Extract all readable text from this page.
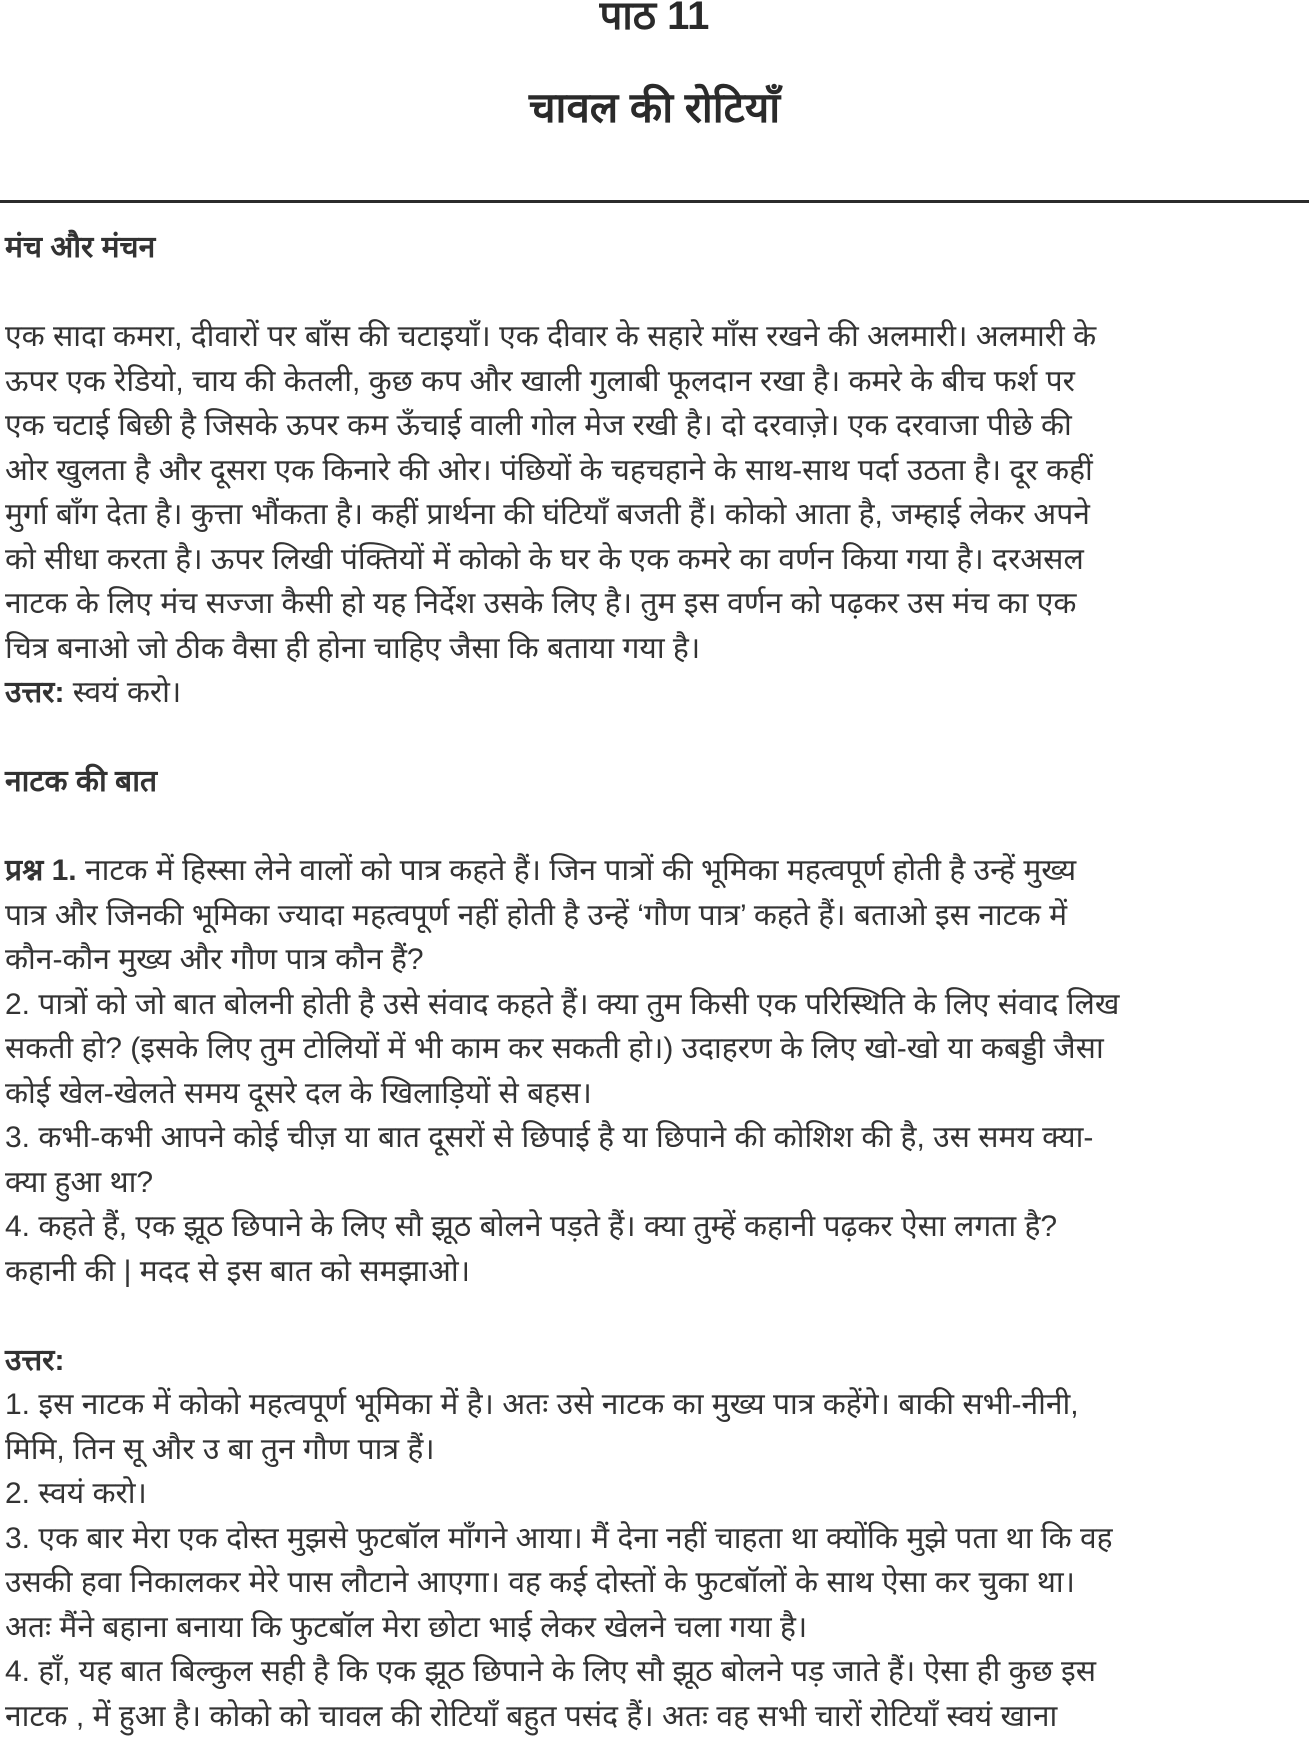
पाठ 11
चावल की रोटियाँ
मंच और मंचन
एक सादा कमरा, दीवारों पर बाँस की चटाइयाँ। एक दीवार के सहारे माँस रखने की अलमारी। अलमारी के
ऊपर एक रेडियो, चाय की केतली, कुछ कप और खाली गुलाबी फूलदान रखा है। कमरे के बीच फर्श पर
एक चटाई बिछी है जिसके ऊपर कम ऊँचाई वाली गोल मेज रखी है। दो दरवाज़े। एक दरवाजा पीछे की
ओर खुलता है और दूसरा एक किनारे की ओर। पंछियों के चहचहाने के साथ-साथ पर्दा उठता है। दूर कहीं
मुर्गा बाँग देता है। कुत्ता भौंकता है। कहीं प्रार्थना की घंटियाँ बजती हैं। कोको आता है, जम्हाई लेकर अपने
को सीधा करता है। ऊपर लिखी पंक्तियों में कोको के घर के एक कमरे का वर्णन किया गया है। दरअसल
नाटक के लिए मंच सज्जा कैसी हो यह निर्देश उसके लिए है। तुम इस वर्णन को पढ़कर उस मंच का एक
चित्र बनाओ जो ठीक वैसा ही होना चाहिए जैसा कि बताया गया है।
उत्तर: स्वयं करो।
नाटक की बात
प्रश्न 1. नाटक में हिस्सा लेने वालों को पात्र कहते हैं। जिन पात्रों की भूमिका महत्वपूर्ण होती है उन्हें मुख्य
पात्र और जिनकी भूमिका ज्यादा महत्वपूर्ण नहीं होती है उन्हें ‘गौण पात्र’ कहते हैं। बताओ इस नाटक में
कौन-कौन मुख्य और गौण पात्र कौन हैं?
2. पात्रों को जो बात बोलनी होती है उसे संवाद कहते हैं। क्या तुम किसी एक परिस्थिति के लिए संवाद लिख
सकती हो? (इसके लिए तुम टोलियों में भी काम कर सकती हो।) उदाहरण के लिए खो-खो या कबड्डी जैसा
कोई खेल-खेलते समय दूसरे दल के खिलाड़ियों से बहस।
3. कभी-कभी आपने कोई चीज़ या बात दूसरों से छिपाई है या छिपाने की कोशिश की है, उस समय क्या-
क्या हुआ था?
4. कहते हैं, एक झूठ छिपाने के लिए सौ झूठ बोलने पड़ते हैं। क्या तुम्हें कहानी पढ़कर ऐसा लगता है?
कहानी की | मदद से इस बात को समझाओ।
उत्तर:
1. इस नाटक में कोको महत्वपूर्ण भूमिका में है। अतः उसे नाटक का मुख्य पात्र कहेंगे। बाकी सभी-नीनी,
मिमि, तिन सू और उ बा तुन गौण पात्र हैं।
2. स्वयं करो।
3. एक बार मेरा एक दोस्त मुझसे फुटबॉल माँगने आया। मैं देना नहीं चाहता था क्योंकि मुझे पता था कि वह
उसकी हवा निकालकर मेरे पास लौटाने आएगा। वह कई दोस्तों के फुटबॉलों के साथ ऐसा कर चुका था।
अतः मैंने बहाना बनाया कि फुटबॉल मेरा छोटा भाई लेकर खेलने चला गया है।
4. हाँ, यह बात बिल्कुल सही है कि एक झूठ छिपाने के लिए सौ झूठ बोलने पड़ जाते हैं। ऐसा ही कुछ इस
नाटक , में हुआ है। कोको को चावल की रोटियाँ बहुत पसंद हैं। अतः वह सभी चारों रोटियाँ स्वयं खाना
